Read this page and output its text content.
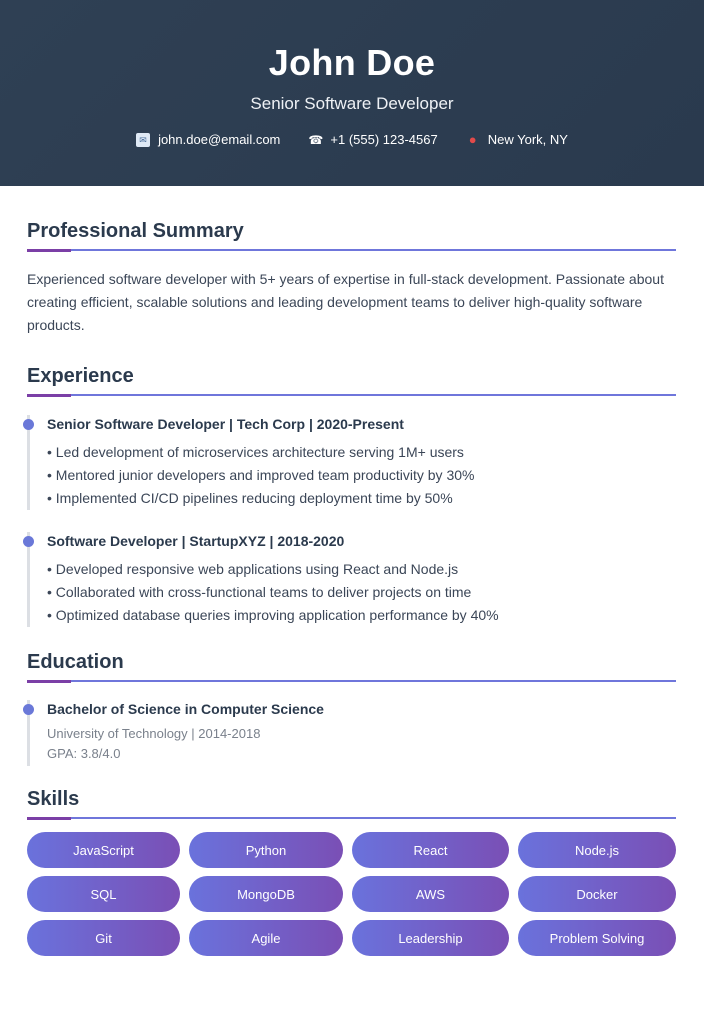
John Doe
Senior Software Developer
✉ john.doe@email.com ☎ +1 (555) 123-4567 ● New York, NY
Professional Summary

Experienced software developer with 5+ years of expertise in full-stack development. Passionate about creating efficient, scalable solutions and leading development teams to deliver high-quality software products.

Experience
Senior Software Developer | Tech Corp | 2020-Present
• Led development of microservices architecture serving 1M+ users
• Mentored junior developers and improved team productivity by 30%
• Implemented CI/CD pipelines reducing deployment time by 50%
Software Developer | StartupXYZ | 2018-2020
• Developed responsive web applications using React and Node.js
• Collaborated with cross-functional teams to deliver projects on time
• Optimized database queries improving application performance by 40%
Education
Bachelor of Science in Computer Science
University of Technology | 2014-2018
GPA: 3.8/4.0
Skills
JavaScript	Python	React	Node.js
SQL	MongoDB	AWS	Docker
Git	Agile	Leadership	Problem Solving
